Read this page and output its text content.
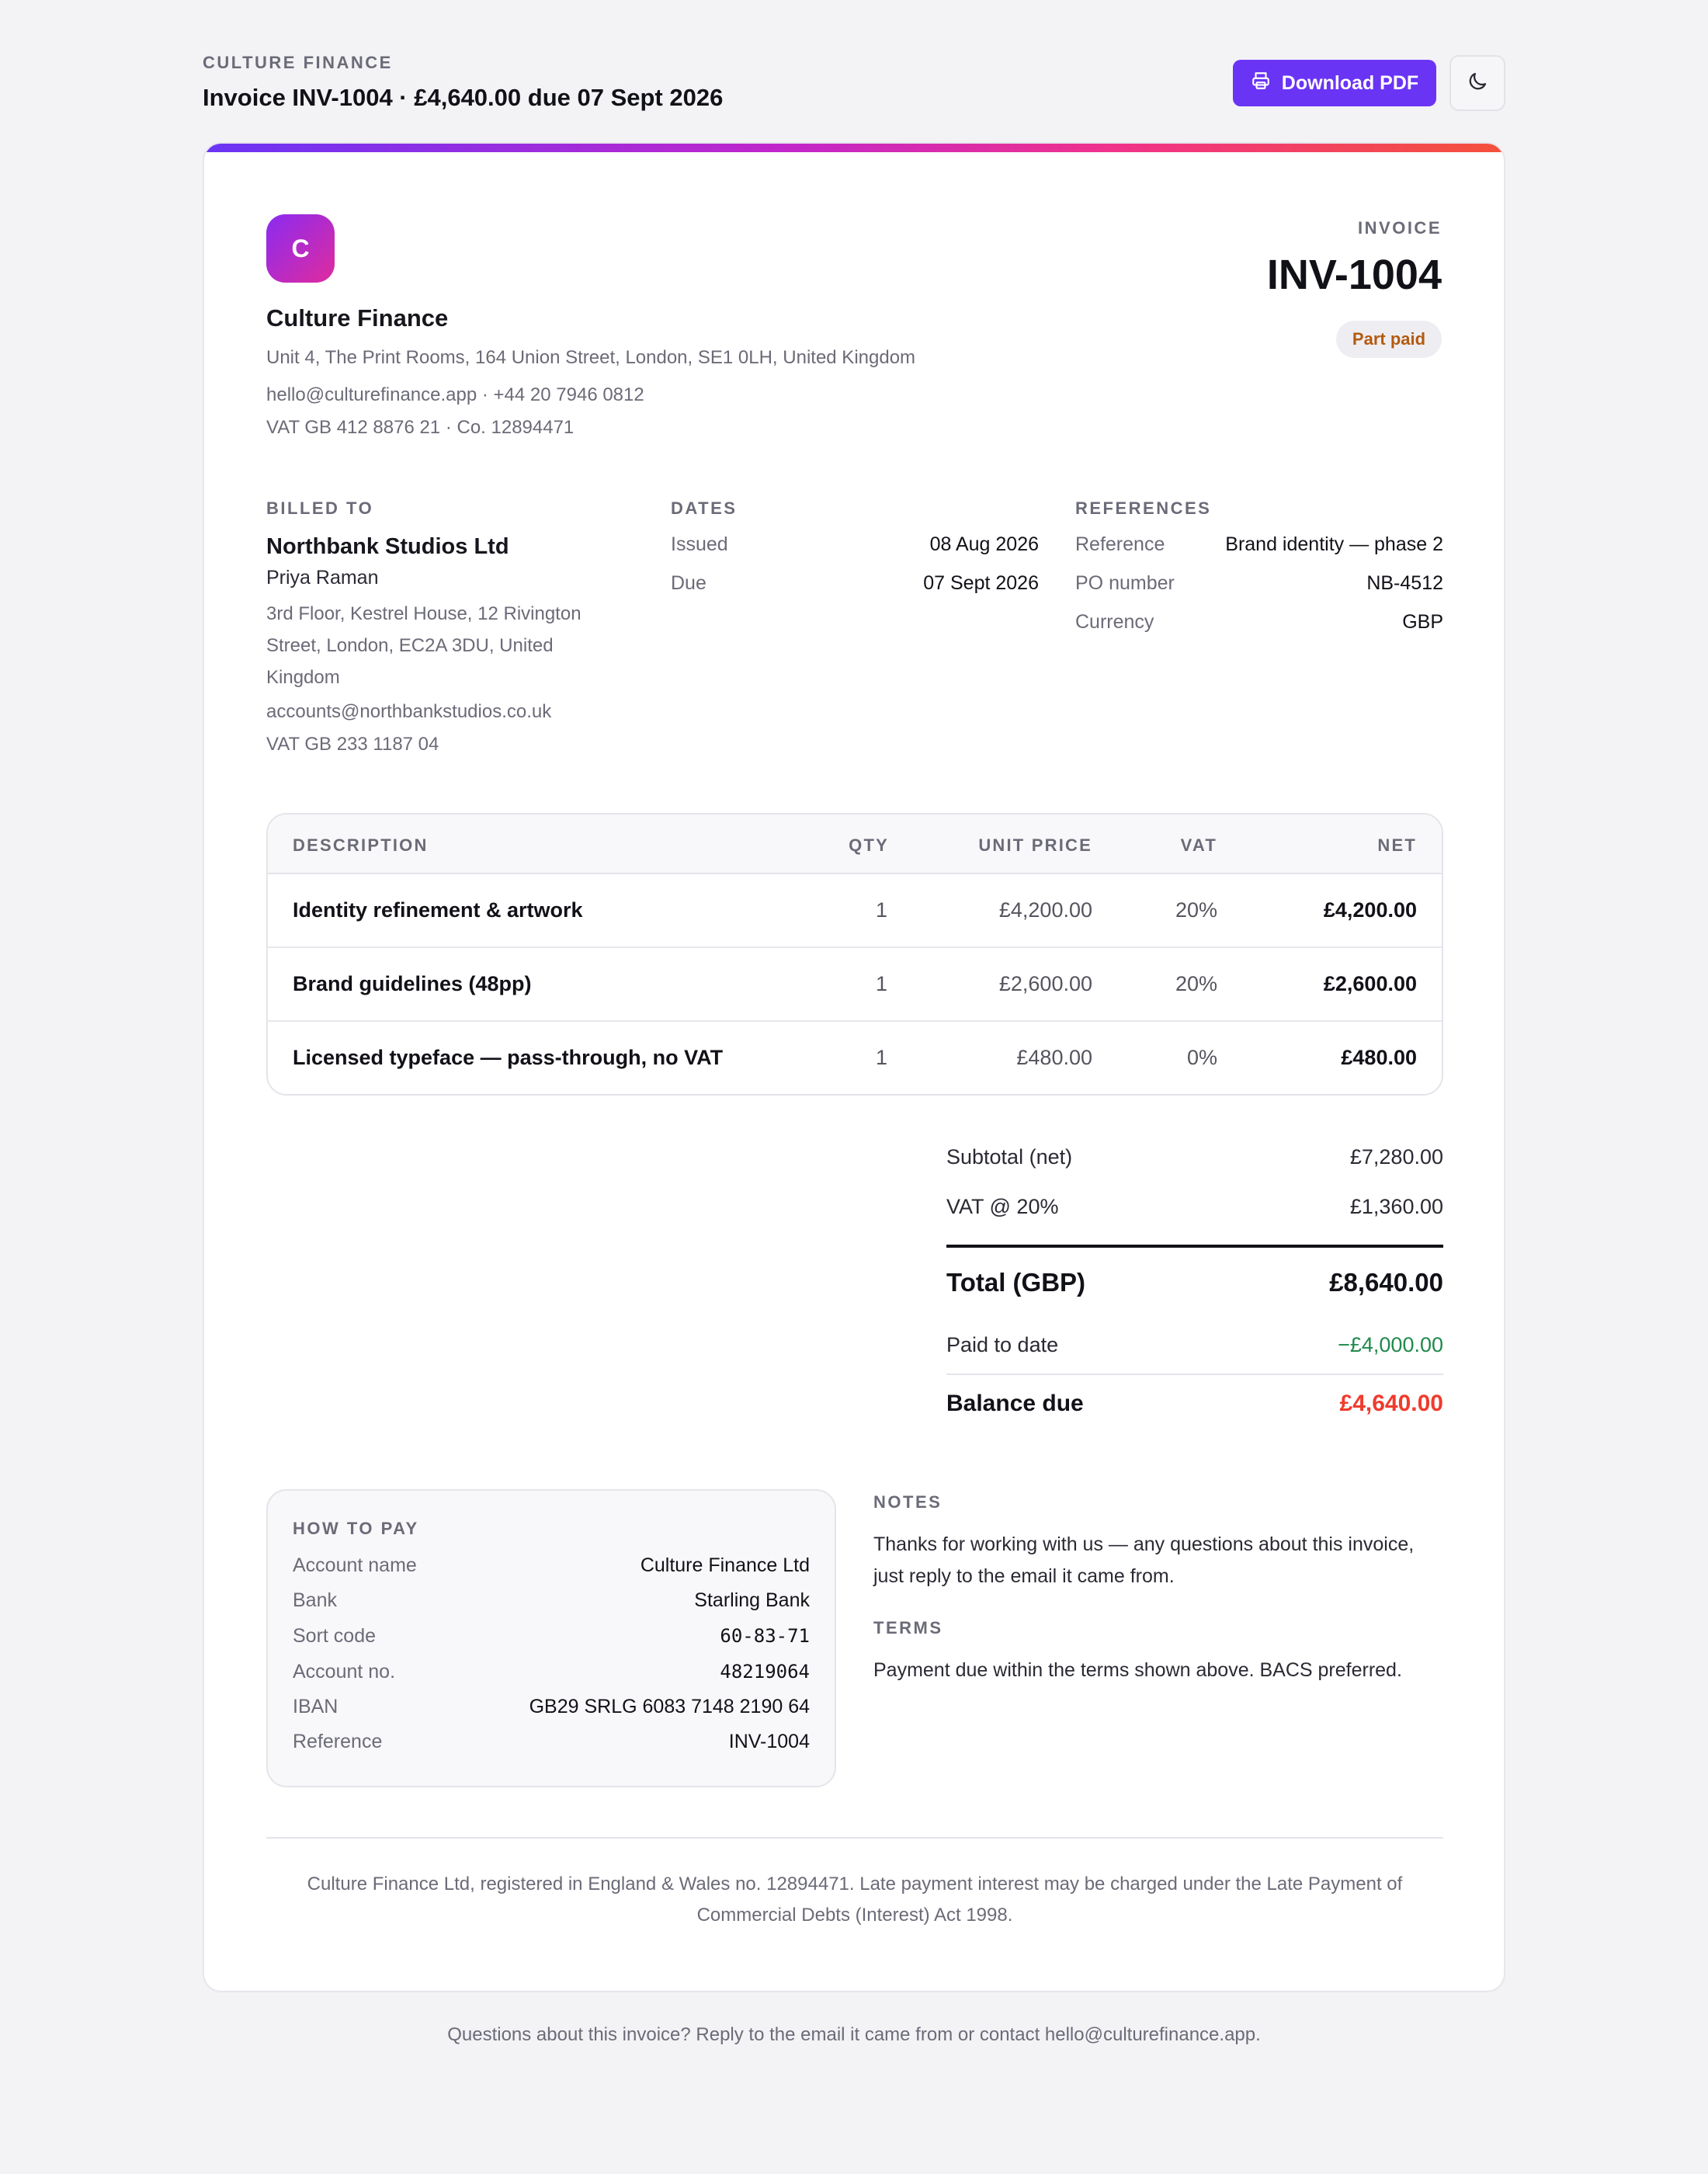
CULTURE FINANCE
Invoice INV-1004 · £4,640.00 due 07 Sept 2026
Download PDF
C
Culture Finance
Unit 4, The Print Rooms, 164 Union Street, London, SE1 0LH, United Kingdom
hello@culturefinance.app · +44 20 7946 0812
VAT GB 412 8876 21 · Co. 12894471
INVOICE
INV-1004
Part paid
BILLED TO
Northbank Studios Ltd
Priya Raman
3rd Floor, Kestrel House, 12 Rivington Street, London, EC2A 3DU, United Kingdom
accounts@northbankstudios.co.uk
VAT GB 233 1187 04
DATES
Issued	08 Aug 2026
Due	07 Sept 2026
REFERENCES
Reference	Brand identity — phase 2
PO number	NB-4512
Currency	GBP
DESCRIPTION	QTY	UNIT PRICE	VAT	NET
Identity refinement & artwork	1	£4,200.00	20%	£4,200.00
Brand guidelines (48pp)	1	£2,600.00	20%	£2,600.00
Licensed typeface — pass-through, no VAT	1	£480.00	0%	£480.00
Subtotal (net)	£7,280.00
VAT @ 20%	£1,360.00
Total (GBP)	£8,640.00
Paid to date	−£4,000.00
Balance due	£4,640.00
HOW TO PAY
Account name	Culture Finance Ltd
Bank	Starling Bank
Sort code	60-83-71
Account no.	48219064
IBAN	GB29 SRLG 6083 7148 2190 64
Reference	INV-1004
NOTES
Thanks for working with us — any questions about this invoice, just reply to the email it came from.
TERMS
Payment due within the terms shown above. BACS preferred.
Culture Finance Ltd, registered in England & Wales no. 12894471. Late payment interest may be charged under the Late Payment of Commercial Debts (Interest) Act 1998.
Questions about this invoice? Reply to the email it came from or contact hello@culturefinance.app.
